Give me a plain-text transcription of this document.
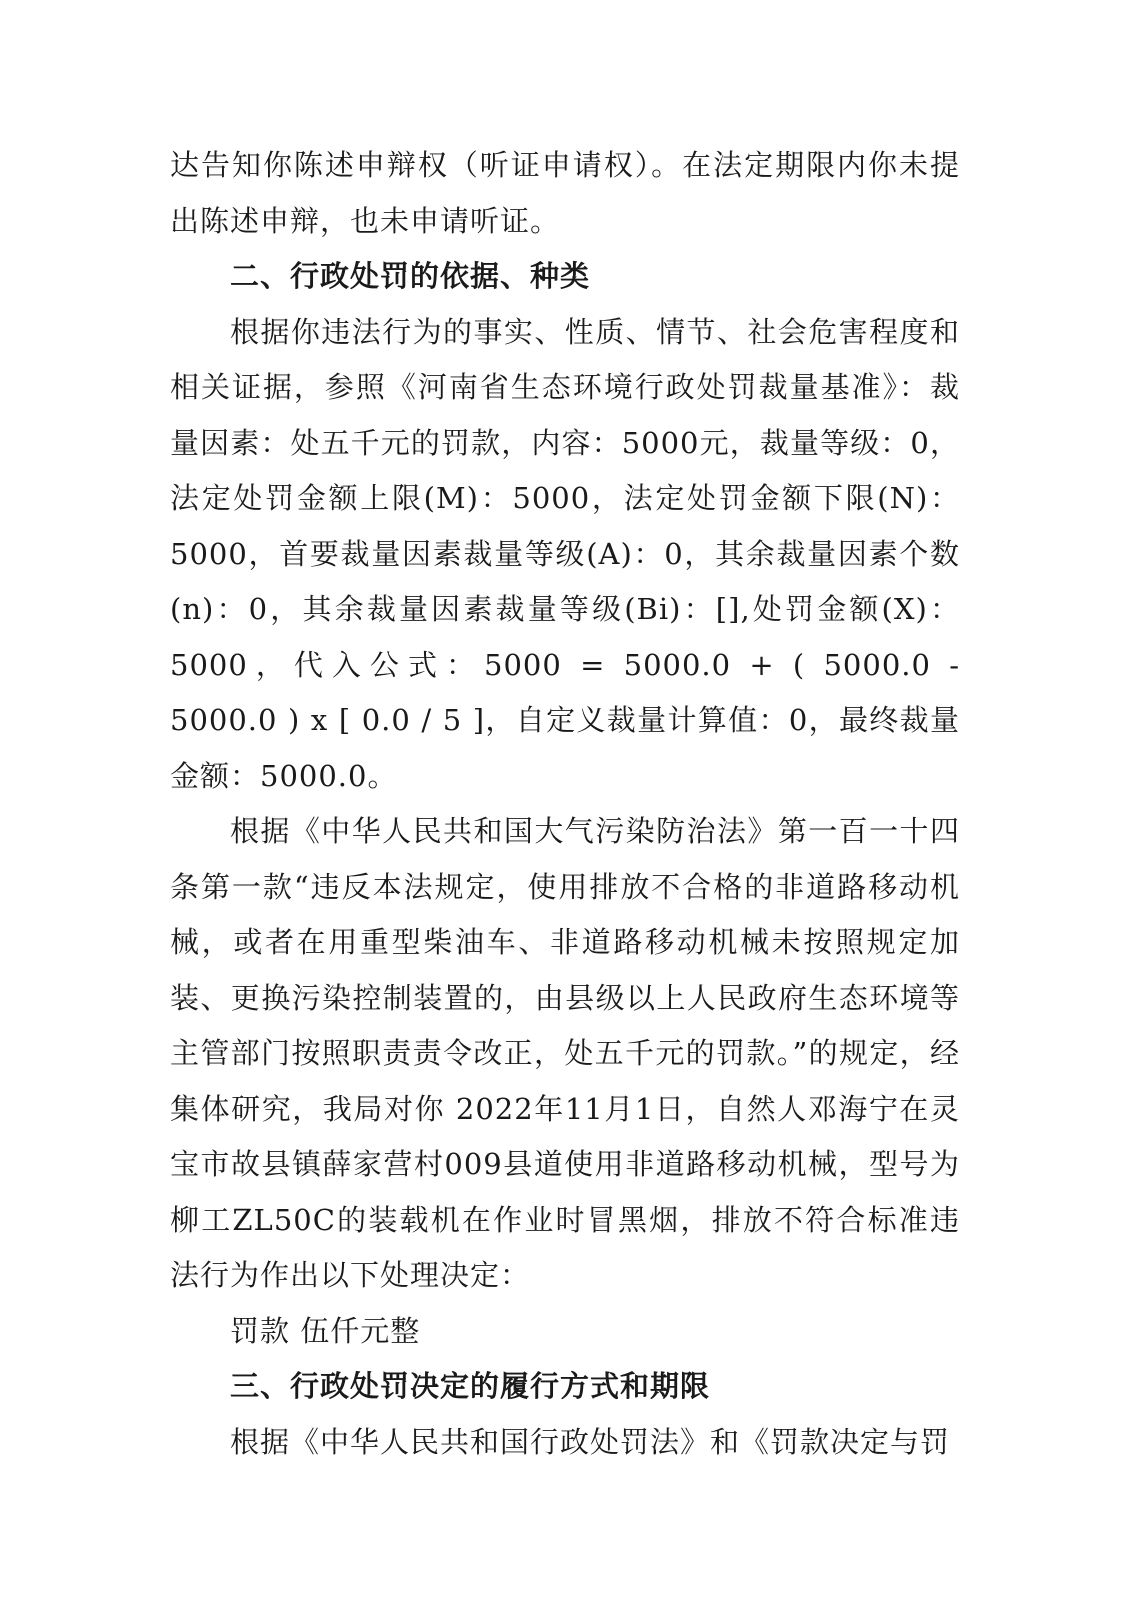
达告知你陈述申辩权（听证申请权）。在法定期限内你未提出陈述申辩，也未申请听证。

二、行政处罚的依据、种类

根据你违法行为的事实、性质、情节、社会危害程度和相关证据，参照《河南省生态环境行政处罚裁量基准》：裁量因素：处五千元的罚款，内容：5000元，裁量等级：0，法定处罚金额上限(M)：5000，法定处罚金额下限(N)：5000，首要裁量因素裁量等级(A)：0，其余裁量因素个数(n)：0，其余裁量因素裁量等级(Bi)：[],处罚金额(X)：5000，代入公式：5000 = 5000.0 + ( 5000.0 - 5000.0 ) x [ 0.0 / 5 ]，自定义裁量计算值：0，最终裁量金额：5000.0。

根据《中华人民共和国大气污染防治法》第一百一十四条第一款“违反本法规定，使用排放不合格的非道路移动机械，或者在用重型柴油车、非道路移动机械未按照规定加装、更换污染控制装置的，由县级以上人民政府生态环境等主管部门按照职责责令改正，处五千元的罚款。”的规定，经集体研究，我局对你 2022年11月1日，自然人邓海宁在灵宝市故县镇薛家营村009县道使用非道路移动机械，型号为柳工ZL50C的装载机在作业时冒黑烟，排放不符合标准违法行为作出以下处理决定：

罚款 伍仟元整

三、行政处罚决定的履行方式和期限

根据《中华人民共和国行政处罚法》和《罚款决定与罚
